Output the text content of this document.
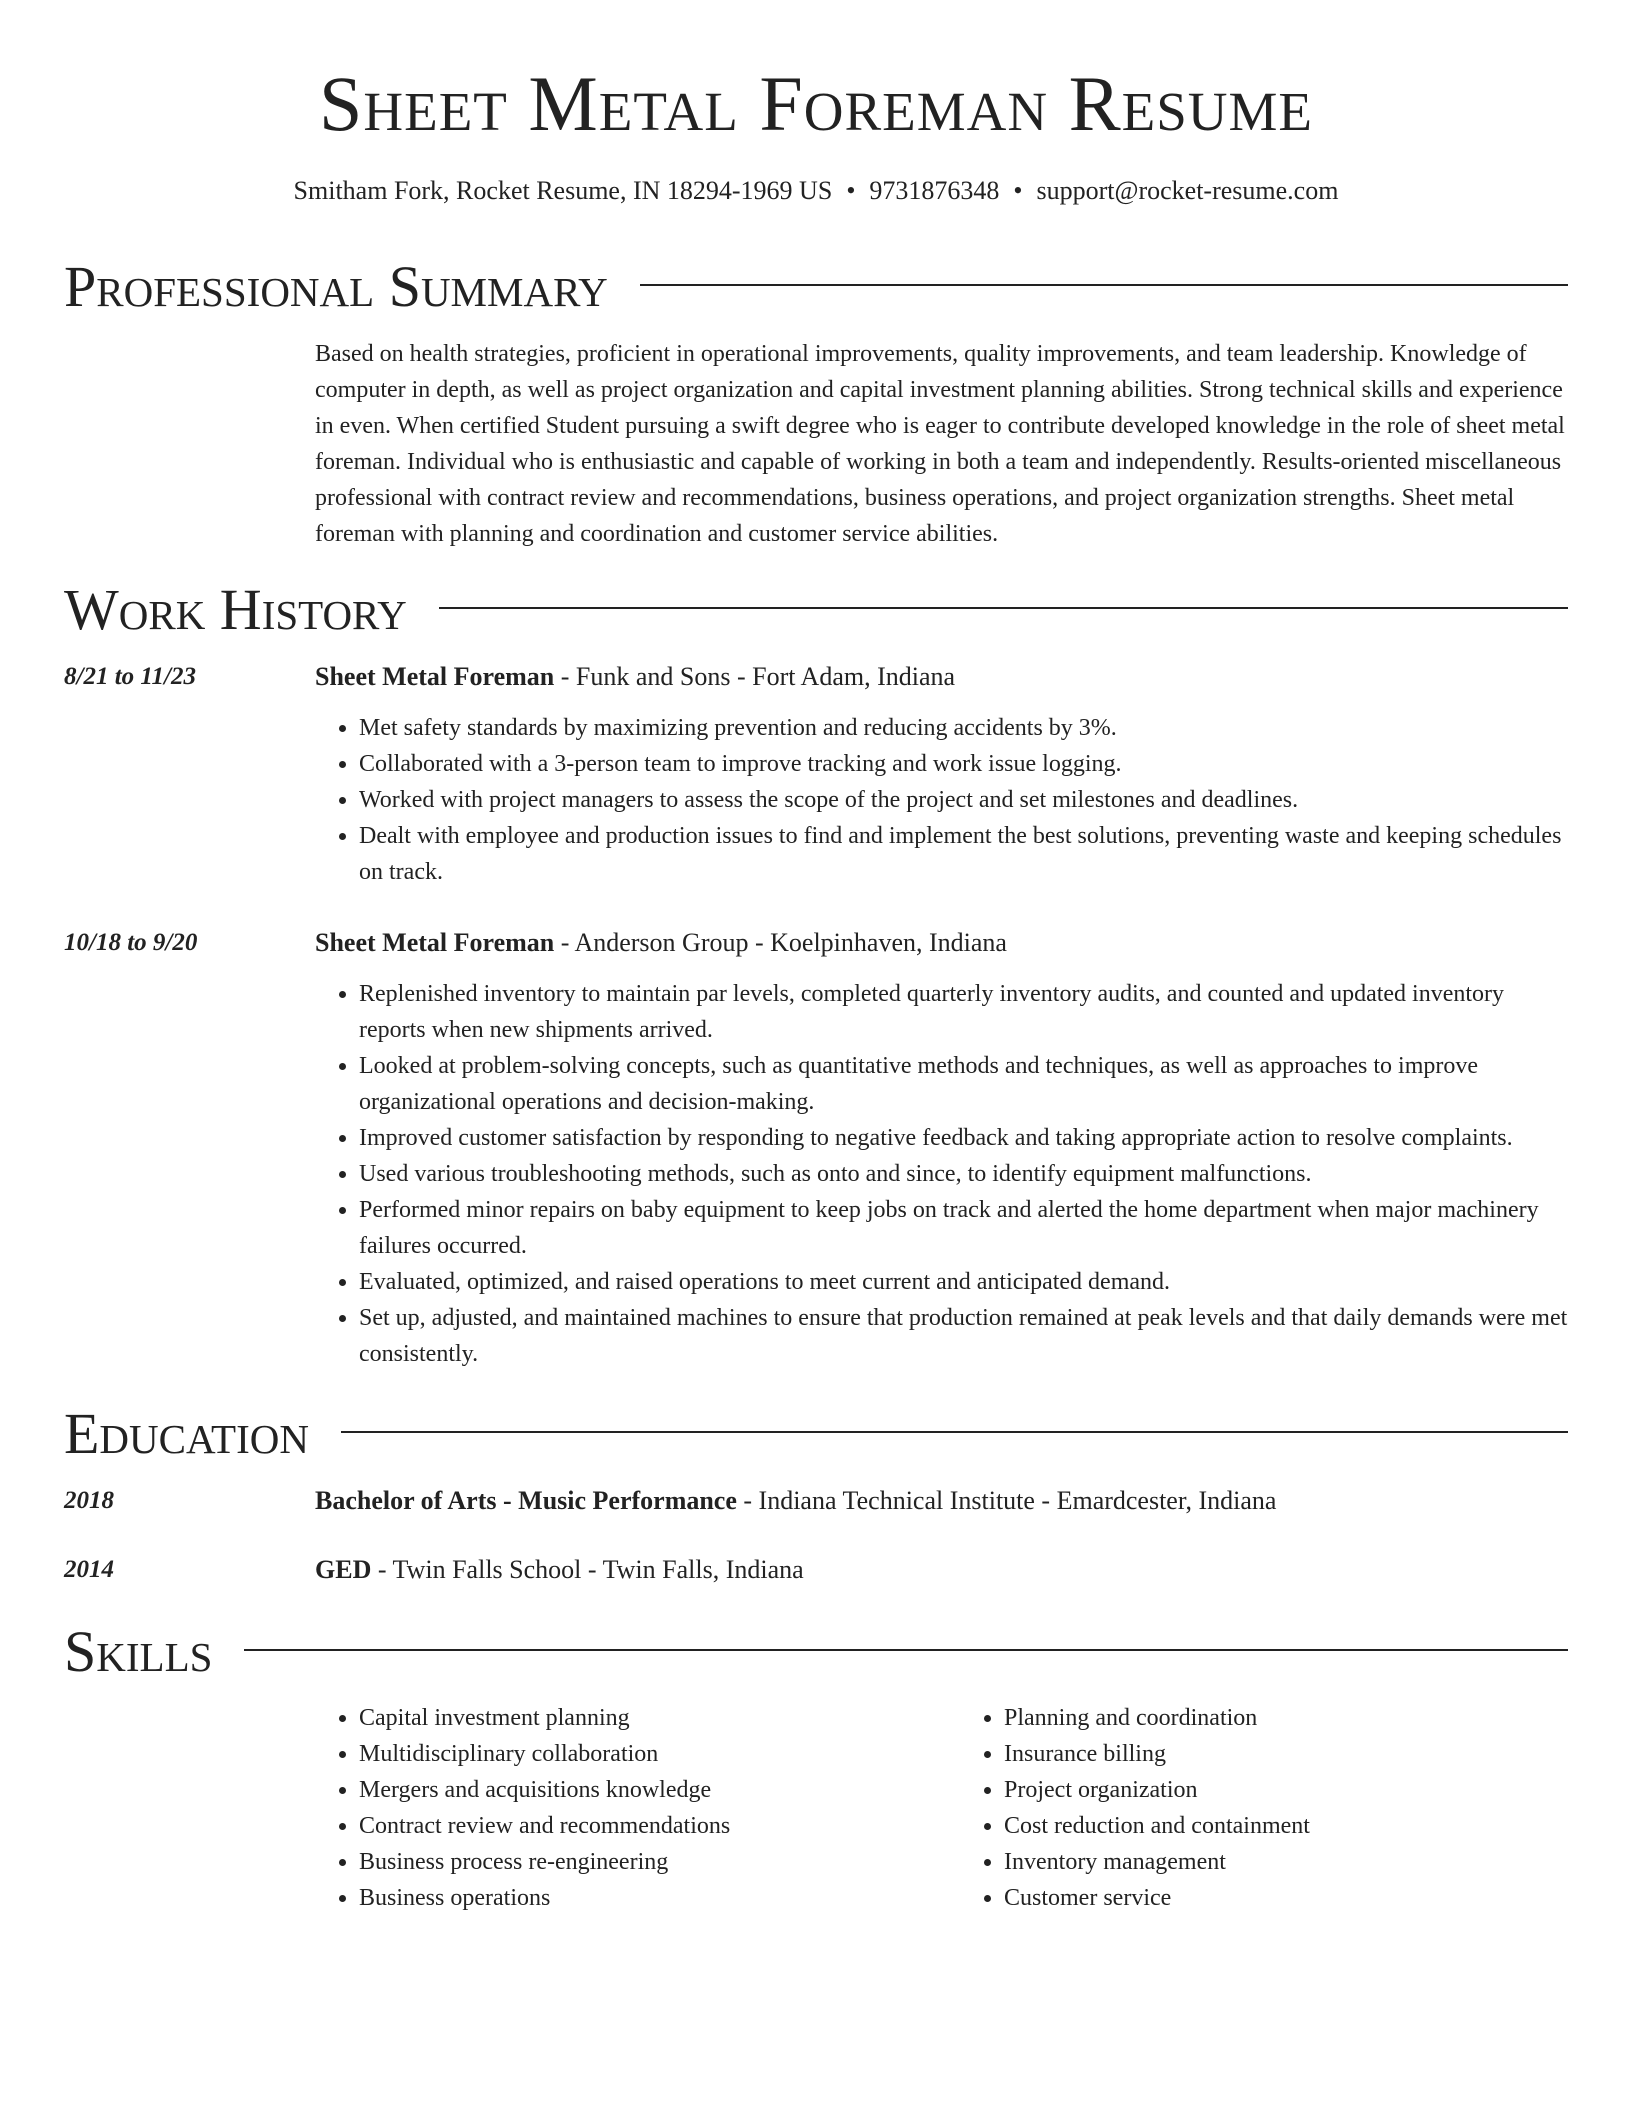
Sheet Metal Foreman Resume
Smitham Fork, Rocket Resume, IN 18294-1969 US • 9731876348 • support@rocket-resume.com
Professional Summary

Based on health strategies, proficient in operational improvements, quality improvements, and team leadership. Knowledge of computer in depth, as well as project organization and capital investment planning abilities. Strong technical skills and experience in even. When certified Student pursuing a swift degree who is eager to contribute developed knowledge in the role of sheet metal foreman. Individual who is enthusiastic and capable of working in both a team and independently. Results-oriented miscellaneous professional with contract review and recommendations, business operations, and project organization strengths. Sheet metal foreman with planning and coordination and customer service abilities.

Work History
8/21 to 11/23	Sheet Metal Foreman - Funk and Sons - Fort Adam, Indiana

• Met safety standards by maximizing prevention and reducing accidents by 3%.
• Collaborated with a 3-person team to improve tracking and work issue logging.
• Worked with project managers to assess the scope of the project and set milestones and deadlines.
• Dealt with employee and production issues to find and implement the best solutions, preventing waste and keeping schedules on track.
10/18 to 9/20	Sheet Metal Foreman - Anderson Group - Koelpinhaven, Indiana

• Replenished inventory to maintain par levels, completed quarterly inventory audits, and counted and updated inventory reports when new shipments arrived.
• Looked at problem-solving concepts, such as quantitative methods and techniques, as well as approaches to improve organizational operations and decision-making.
• Improved customer satisfaction by responding to negative feedback and taking appropriate action to resolve complaints.
• Used various troubleshooting methods, such as onto and since, to identify equipment malfunctions.
• Performed minor repairs on baby equipment to keep jobs on track and alerted the home department when major machinery failures occurred.
• Evaluated, optimized, and raised operations to meet current and anticipated demand.
• Set up, adjusted, and maintained machines to ensure that production remained at peak levels and that daily demands were met consistently.
Education
2018	Bachelor of Arts - Music Performance - Indiana Technical Institute - Emardcester, Indiana

2014	GED - Twin Falls School - Twin Falls, Indiana

Skills
• Capital investment planning
• Multidisciplinary collaboration
• Mergers and acquisitions knowledge
• Contract review and recommendations
• Business process re-engineering
• Business operations
• Planning and coordination
• Insurance billing
• Project organization
• Cost reduction and containment
• Inventory management
• Customer service
